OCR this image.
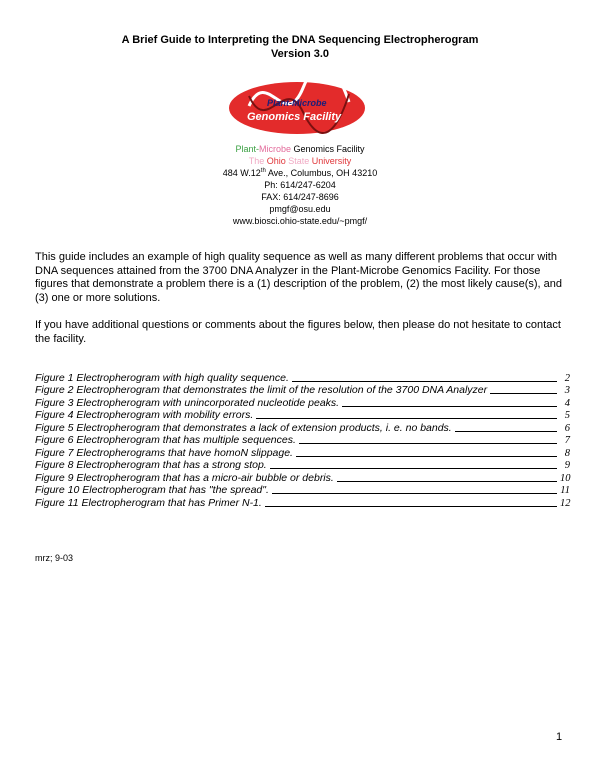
A Brief Guide to Interpreting the DNA Sequencing Electropherogram
Version 3.0
Plant-Microbe
Genomics Facility
Plant-Microbe Genomics Facility
The Ohio State University
484 W.12th Ave., Columbus, OH 43210
Ph: 614/247-6204
FAX: 614/247-8696
pmgf@osu.edu
www.biosci.ohio-state.edu/~pmgf/
This guide includes an example of high quality sequence as well as many different problems that occur with DNA sequences attained from the 3700 DNA Analyzer in the Plant-Microbe Genomics Facility. For those figures that demonstrate a problem there is a (1) description of the problem, (2) the most likely cause(s), and (3) one or more solutions.
If you have additional questions or comments about the figures below, then please do not hesitate to contact the facility.
Figure 1 Electropherogram with high quality sequence.	2
Figure 2 Electropherogram that demonstrates the limit of the resolution of the 3700 DNA Analyzer	3
Figure 3 Electropherogram with unincorporated nucleotide peaks.	4
Figure 4 Electropherogram with mobility errors.	5
Figure 5 Electropherogram that demonstrates a lack of extension products, i. e. no bands.	6
Figure 6 Electropherogram that has multiple sequences.	7
Figure 7 Electropherograms that have homoN slippage.	8
Figure 8 Electropherogram that has a strong stop.	9
Figure 9 Electropherogram that has a micro-air bubble or debris.	10
Figure 10 Electropherogram that has "the spread".	11
Figure 11 Electropherogram that has Primer N-1.	12
mrz; 9-03
1
